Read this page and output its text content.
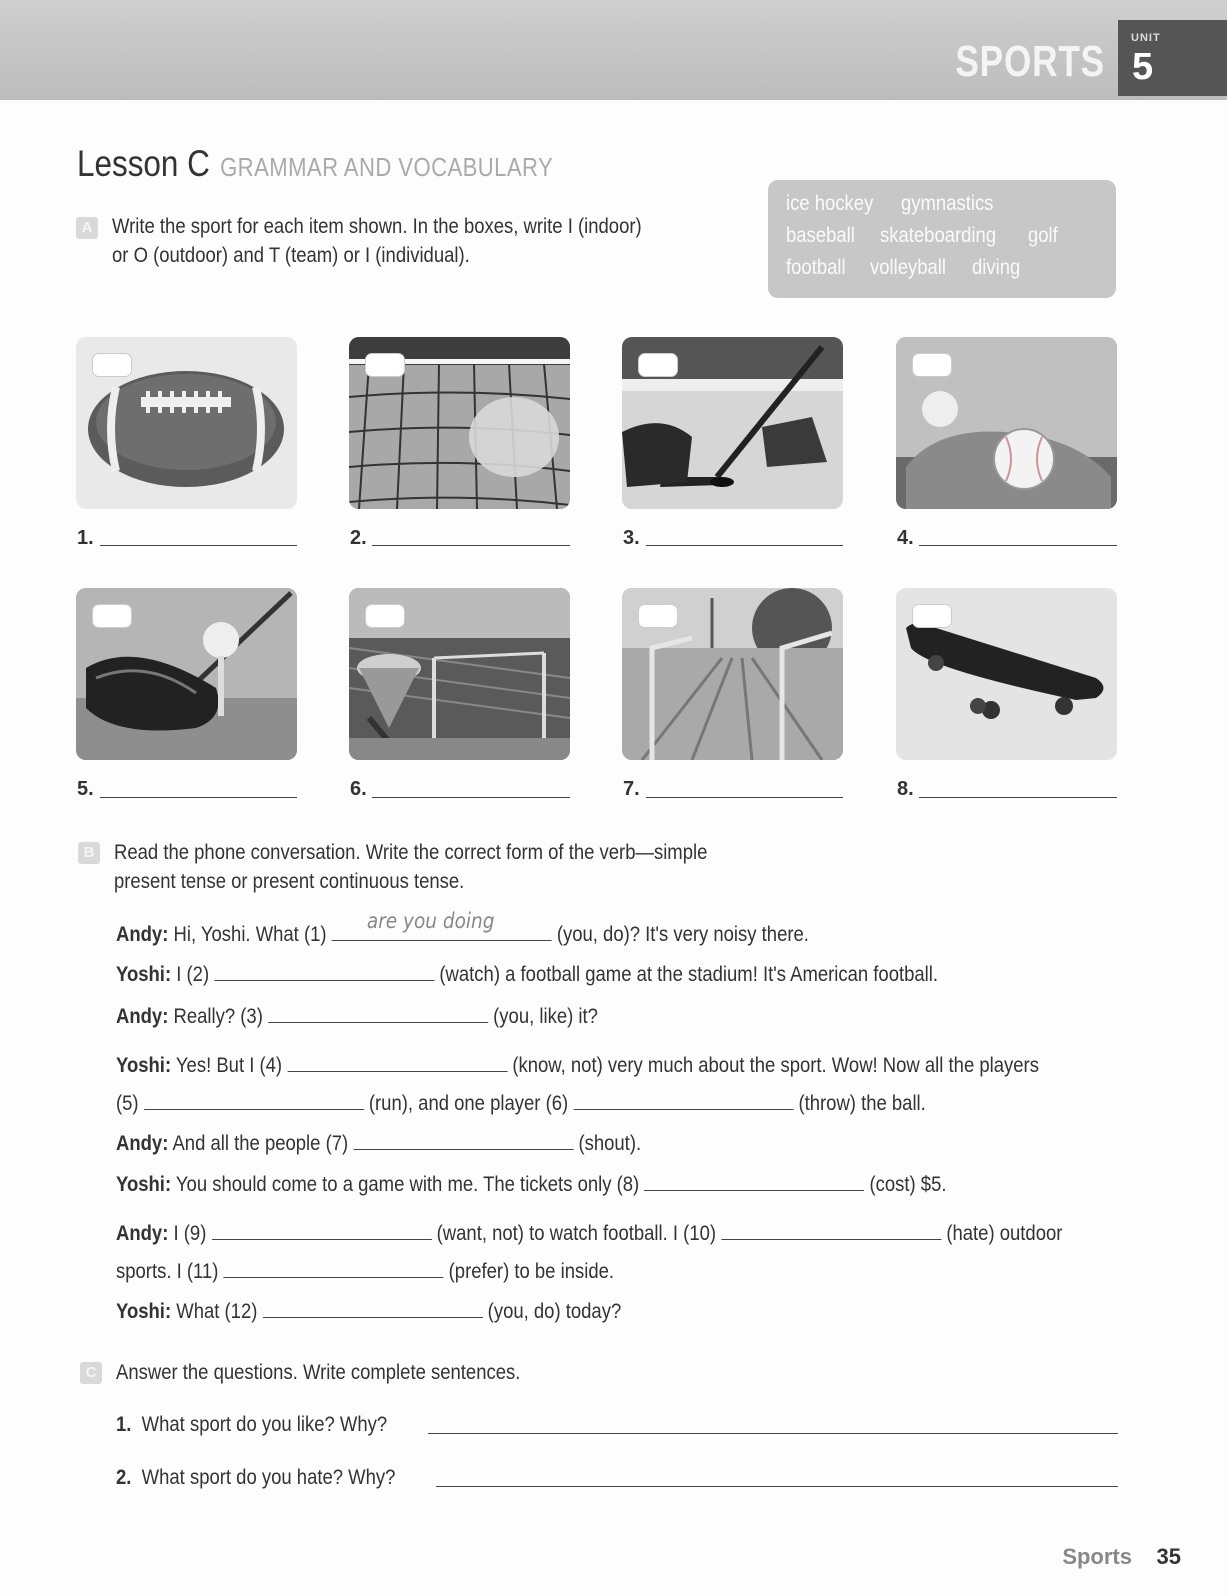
SPORTS UNIT
5
Lesson C GRAMMAR AND VOCABULARY
A Write the sport for each item shown. In the boxes, write I (indoor)
or O (outdoor) and T (team) or I (individual).
ice hockey gymnasticsbaseball skateboarding golffootball volleyball diving
1.	2.	3.	4.
5.	6.	7.	8.
B Read the phone conversation. Write the correct form of the verb—simple
present tense or present continuous tense.
Andy: Hi, Yoshi. What (1)
are you doing
(you, do)? It's very noisy there.
Yoshi: I (2)	(watch) a football game at the stadium! It's American football.
Andy: Really? (3)	(you, like) it?
Yoshi: Yes! But I (4)	(know, not) very much about the sport. Wow! Now all the players
(5)	(run), and one player (6)	(throw) the ball.
Andy: And all the people (7)	(shout).
Yoshi: You should come to a game with me. The tickets only (8)	(cost) $5.
Andy: I (9)	(want, not) to watch football. I (10)	(hate) outdoor
sports. I (11)	(prefer) to be inside.
Yoshi: What (12)	(you, do) today?
C Answer the questions. Write complete sentences.
1. What sport do you like? Why?
2. What sport do you hate? Why?
Sports 35
